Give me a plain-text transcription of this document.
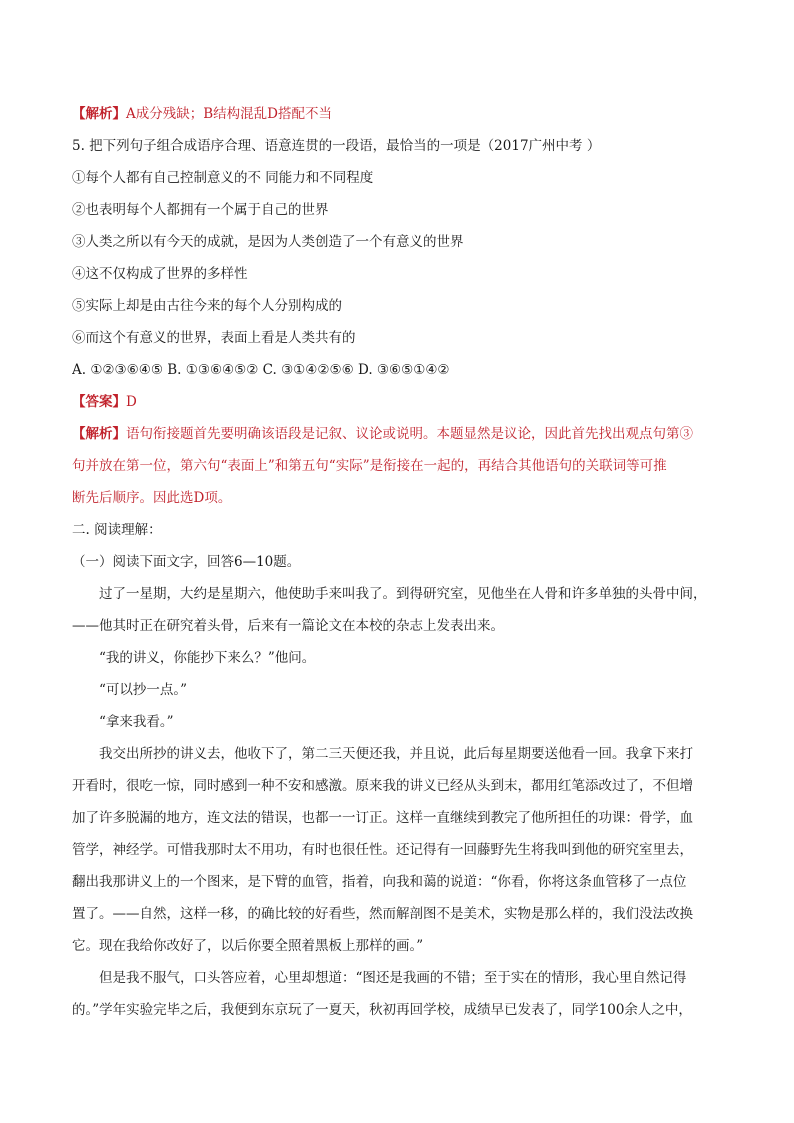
【解析】A成分残缺；B结构混乱D搭配不当
5. 把下列句子组合成语序合理、语意连贯的一段语，最恰当的一项是（2017广州中考 ）
①每个人都有自己控制意义的不 同能力和不同程度
②也表明每个人都拥有一个属于自己的世界
③人类之所以有今天的成就，是因为人类创造了一个有意义的世界
④这不仅构成了世界的多样性
⑤实际上却是由古往今来的每个人分别构成的
⑥而这个有意义的世界，表面上看是人类共有的
A. ①②③⑥④⑤ B. ①③⑥④⑤② C. ③①④②⑤⑥ D. ③⑥⑤①④②
【答案】D
【解析】语句衔接题首先要明确该语段是记叙、议论或说明。本题显然是议论，因此首先找出观点句第③
句并放在第一位，第六句“表面上”和第五句“实际”是衔接在一起的，再结合其他语句的关联词等可推
断先后顺序。因此选D项。
二. 阅读理解：
（一）阅读下面文字，回答6—10题。
过了一星期，大约是星期六，他使助手来叫我了。到得研究室，见他坐在人骨和许多单独的头骨中间，
——他其时正在研究着头骨，后来有一篇论文在本校的杂志上发表出来。
“我的讲义，你能抄下来么？”他问。
“可以抄一点。”
“拿来我看。”
我交出所抄的讲义去，他收下了，第二三天便还我，并且说，此后每星期要送他看一回。我拿下来打
开看时，很吃一惊，同时感到一种不安和感激。原来我的讲义已经从头到末，都用红笔添改过了，不但增
加了许多脱漏的地方，连文法的错误，也都一一订正。这样一直继续到教完了他所担任的功课：骨学，血
管学，神经学。可惜我那时太不用功，有时也很任性。还记得有一回藤野先生将我叫到他的研究室里去，
翻出我那讲义上的一个图来，是下臂的血管，指着，向我和蔼的说道：“你看，你将这条血管移了一点位
置了。——自然，这样一移，的确比较的好看些，然而解剖图不是美术，实物是那么样的，我们没法改换
它。现在我给你改好了，以后你要全照着黑板上那样的画。”
但是我不服气，口头答应着，心里却想道：“图还是我画的不错；至于实在的情形，我心里自然记得
的。”学年实验完毕之后，我便到东京玩了一夏天，秋初再回学校，成绩早已发表了，同学100余人之中，
